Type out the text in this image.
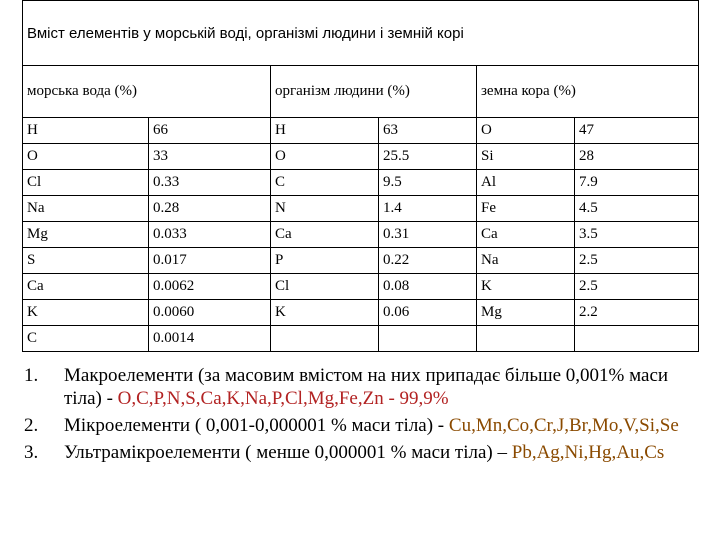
Вміст елементів у морській воді, організмі людини і земній корі					
морська вода (%)		організм людини (%)		земна кора (%)	
H	66	H	63	O	47
O	33	O	25.5	Si	28
Cl	0.33	C	9.5	Al	7.9
Na	0.28	N	1.4	Fe	4.5
Mg	0.033	Ca	0.31	Ca	3.5
S	0.017	P	0.22	Na	2.5
Ca	0.0062	Cl	0.08	K	2.5
K	0.0060	K	0.06	Mg	2.2
C	0.0014				
1. Макроелементи (за масовим вмістом на них припадає більше 0,001% маси тіла) - O,C,P,N,S,Ca,K,Na,P,Cl,Mg,Fe,Zn - 99,9%
2. Мікроелементи ( 0,001-0,000001 % маси тіла) - Cu,Mn,Co,Cr,J,Br,Mo,V,Si,Se
3. Ультрамікроелементи ( менше 0,000001 % маси тіла) – Pb,Ag,Ni,Hg,Au,Cs
